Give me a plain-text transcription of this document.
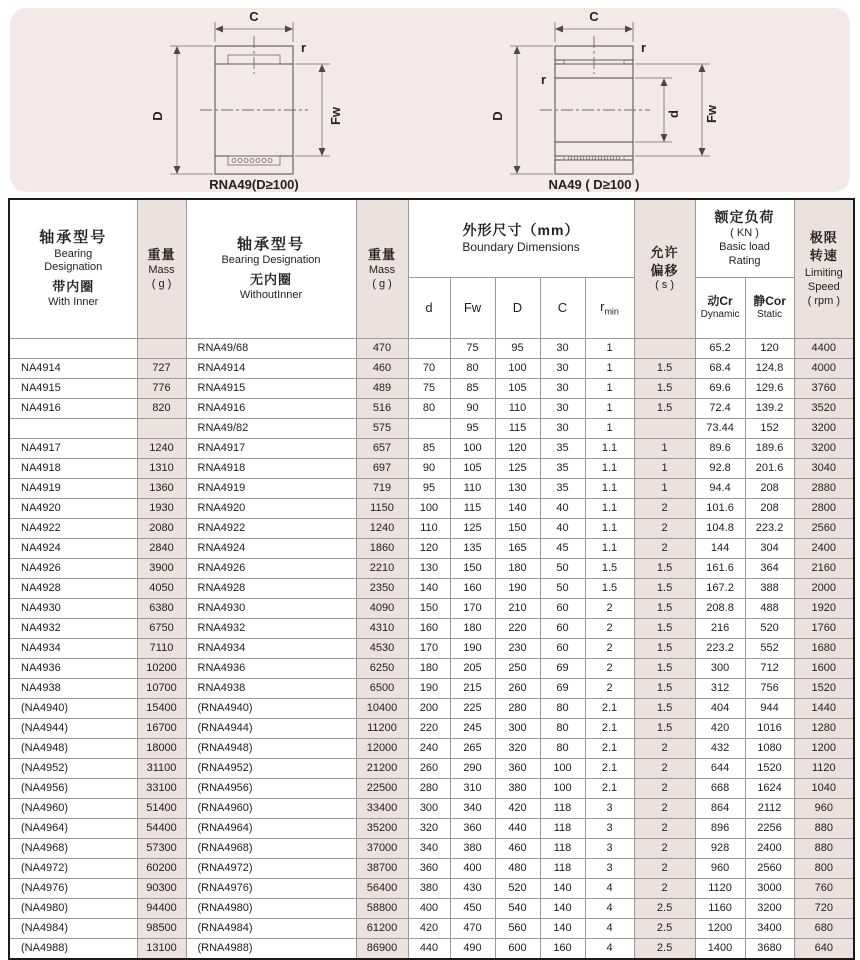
C
r
D	Fw
RNA49(D≥100)
C
r
r
D	d Fw
NA49 ( D≥100 )
轴承型号
Bearing
Designation
带内圈
With Inner

重量
Mass
( g )

轴承型号
Bearing Designation
无内圈
WithoutInner

重量
Mass
( g )

外形尺寸（mm）
Boundary Dimensions	允许
偏移
( s )

额定负荷
( KN )
Basic load
Rating

极限
转速
Limiting
Speed
( rpm )

d	Fw	D	C	$r_{min}$	
动Cr
Dynamic

静Cor
Static

		RNA49/68	470		75	95	30	1		65.2	120	4400
NA4914	727	RNA4914	460	70	80	100	30	1	1.5	68.4	124.8	4000
NA4915	776	RNA4915	489	75	85	105	30	1	1.5	69.6	129.6	3760
NA4916	820	RNA4916	516	80	90	110	30	1	1.5	72.4	139.2	3520
		RNA49/82	575		95	115	30	1		73.44	152	3200
NA4917	1240	RNA4917	657	85	100	120	35	1.1	1	89.6	189.6	3200
NA4918	1310	RNA4918	697	90	105	125	35	1.1	1	92.8	201.6	3040
NA4919	1360	RNA4919	719	95	110	130	35	1.1	1	94.4	208	2880
NA4920	1930	RNA4920	1150	100	115	140	40	1.1	2	101.6	208	2800
NA4922	2080	RNA4922	1240	110	125	150	40	1.1	2	104.8	223.2	2560
NA4924	2840	RNA4924	1860	120	135	165	45	1.1	2	144	304	2400
NA4926	3900	RNA4926	2210	130	150	180	50	1.5	1.5	161.6	364	2160
NA4928	4050	RNA4928	2350	140	160	190	50	1.5	1.5	167.2	388	2000
NA4930	6380	RNA4930	4090	150	170	210	60	2	1.5	208.8	488	1920
NA4932	6750	RNA4932	4310	160	180	220	60	2	1.5	216	520	1760
NA4934	7110	RNA4934	4530	170	190	230	60	2	1.5	223.2	552	1680
NA4936	10200	RNA4936	6250	180	205	250	69	2	1.5	300	712	1600
NA4938	10700	RNA4938	6500	190	215	260	69	2	1.5	312	756	1520
(NA4940)	15400	(RNA4940)	10400	200	225	280	80	2.1	1.5	404	944	1440
(NA4944)	16700	(RNA4944)	11200	220	245	300	80	2.1	1.5	420	1016	1280
(NA4948)	18000	(RNA4948)	12000	240	265	320	80	2.1	2	432	1080	1200
(NA4952)	31100	(RNA4952)	21200	260	290	360	100	2.1	2	644	1520	1120
(NA4956)	33100	(RNA4956)	22500	280	310	380	100	2.1	2	668	1624	1040
(NA4960)	51400	(RNA4960)	33400	300	340	420	118	3	2	864	2112	960
(NA4964)	54400	(RNA4964)	35200	320	360	440	118	3	2	896	2256	880
(NA4968)	57300	(RNA4968)	37000	340	380	460	118	3	2	928	2400	880
(NA4972)	60200	(RNA4972)	38700	360	400	480	118	3	2	960	2560	800
(NA4976)	90300	(RNA4976)	56400	380	430	520	140	4	2	1120	3000	760
(NA4980)	94400	(RNA4980)	58800	400	450	540	140	4	2.5	1160	3200	720
(NA4984)	98500	(RNA4984)	61200	420	470	560	140	4	2.5	1200	3400	680
(NA4988)	13100	(RNA4988)	86900	440	490	600	160	4	2.5	1400	3680	640
